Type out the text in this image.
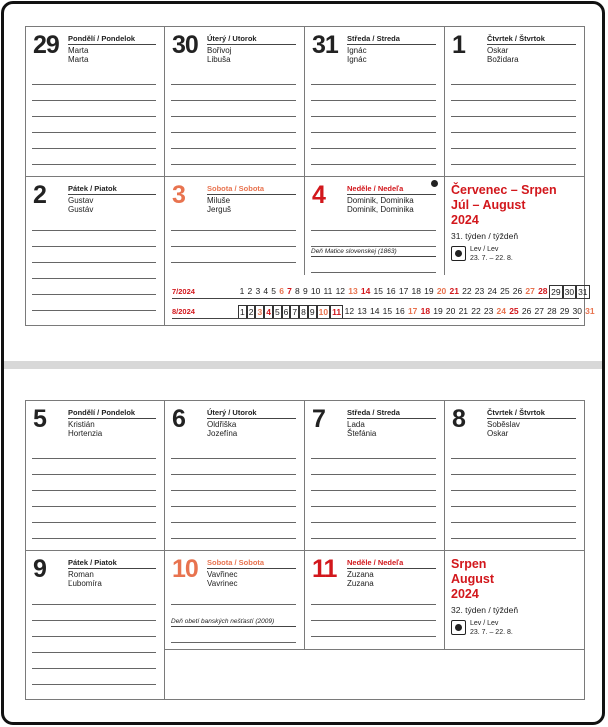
29 Pondělí / Pondelok
Marta
Marta
30 Úterý / Utorok
Bořivoj
Libuša
31 Středa / Streda
Ignác
Ignác
1	Čtvrtek / Štvrtok
Oskar
Božidara
2	Pátek / Piatok
Gustav
Gustáv
3	Sobota / Sobota
Miluše
Jerguš
4	Neděle / Nedeľa
Dominik, Dominika
Dominik, Dominika
Deň Matice slovenskej (1863)
Červenec – Srpen
Júl – August
2024
31. týden / týždeň
Lev / Lev
23. 7. – 22. 8.
7/2024	1 2 3 4 5 6 7 8 9 10 11 12 13 14 15 16 17 18 19 20 21 22 23 24 25 26 27 28 29 30 31
8/2024	1 2 3 4 5 6 7 8 9 10 11 12 13 14 15 16 17 18 19 20 21 22 23 24 25 26 27 28 29 30 31
5	Pondělí / Pondelok
Kristián
Hortenzia
6	Úterý / Utorok
Oldřiška
Jozefína
7	Středa / Streda
Lada
Štefánia
8	Čtvrtek / Štvrtok
Soběslav
Oskar
9	Pátek / Piatok
Roman
Ľubomíra
10 Sobota / Sobota
Vavřinec
Vavrinec
Deň obetí banských nešťastí (2009)
11 Neděle / Nedeľa
Zuzana
Zuzana
Srpen
August
2024
32. týden / týždeň
Lev / Lev
23. 7. – 22. 8.
